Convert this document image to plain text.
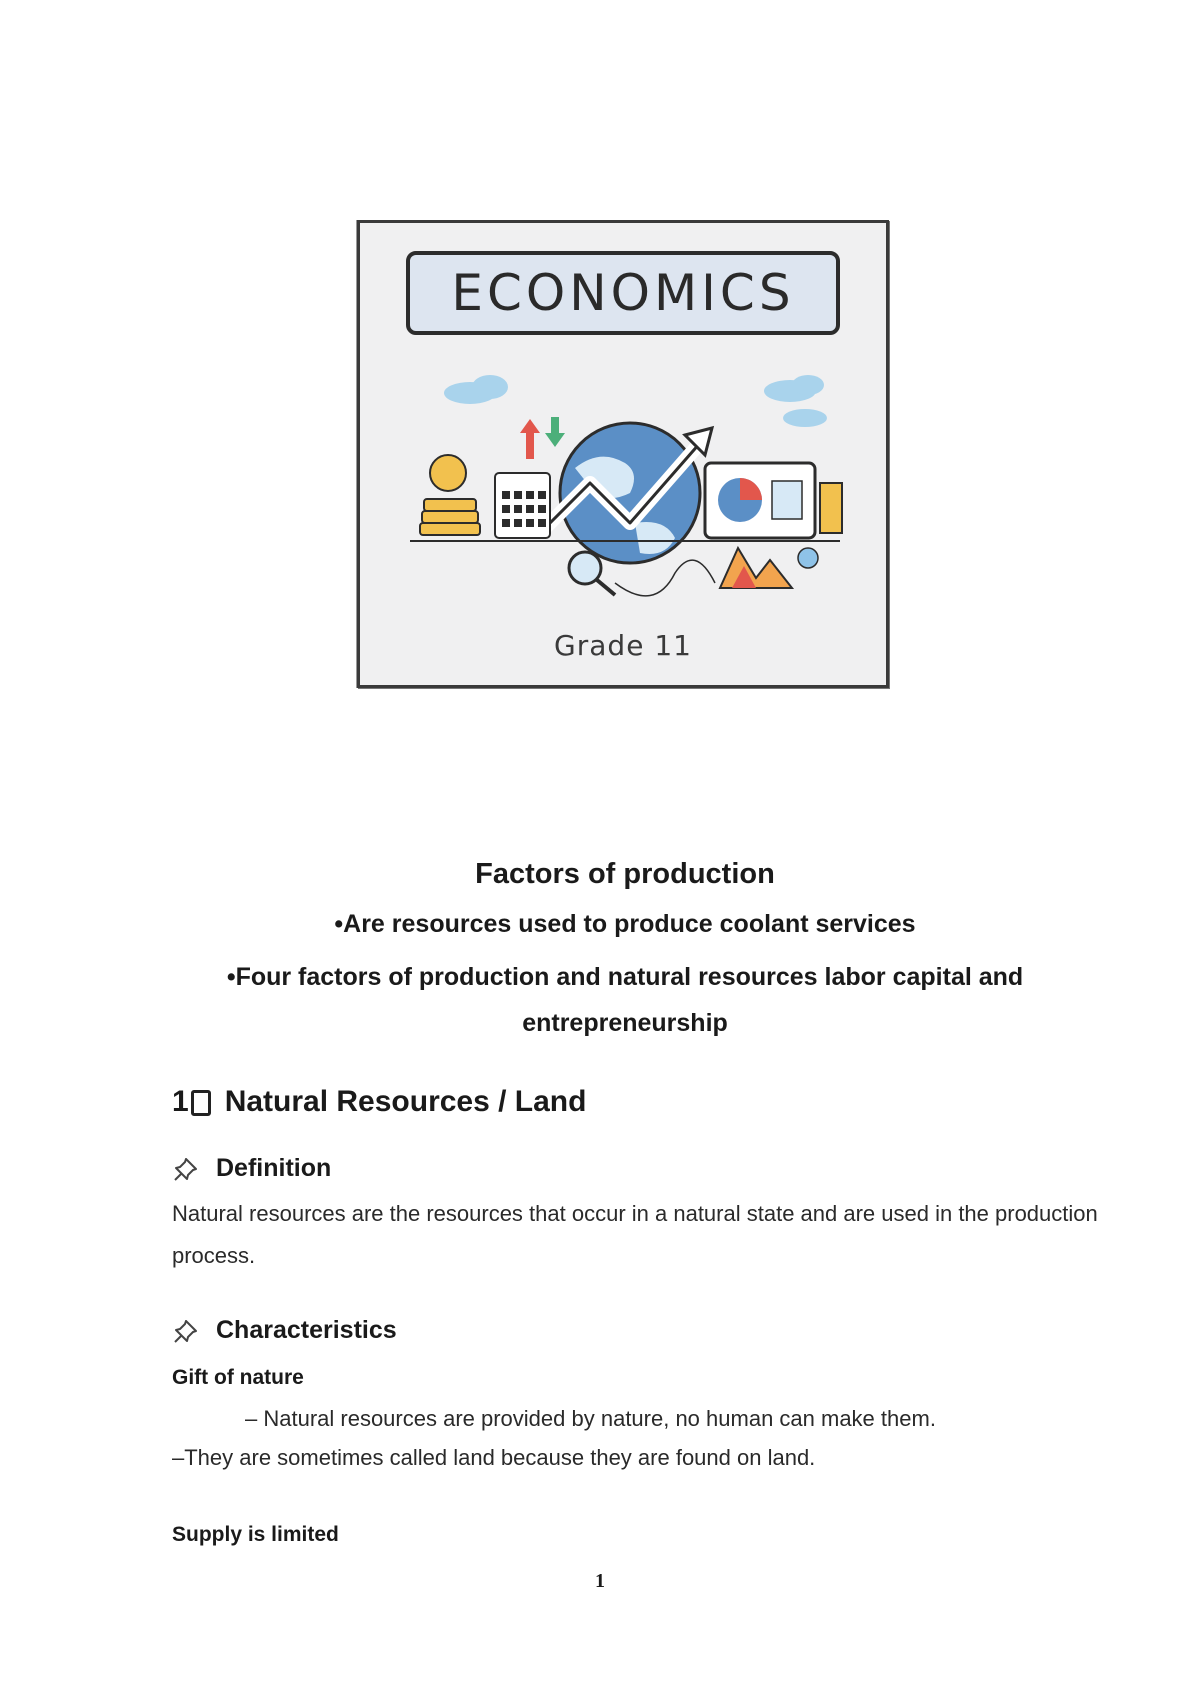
ECONOMICS
Grade 11
Factors of production
•Are resources used to produce coolant services
•Four factors of production and natural resources labor capital and entrepreneurship
1 Natural Resources / Land
Definition
Natural resources are the resources that occur in a natural state and are used in the production process.
Characteristics
Gift of nature
– Natural resources are provided by nature, no human can make them.
–They are sometimes called land because they are found on land.
Supply is limited
1
